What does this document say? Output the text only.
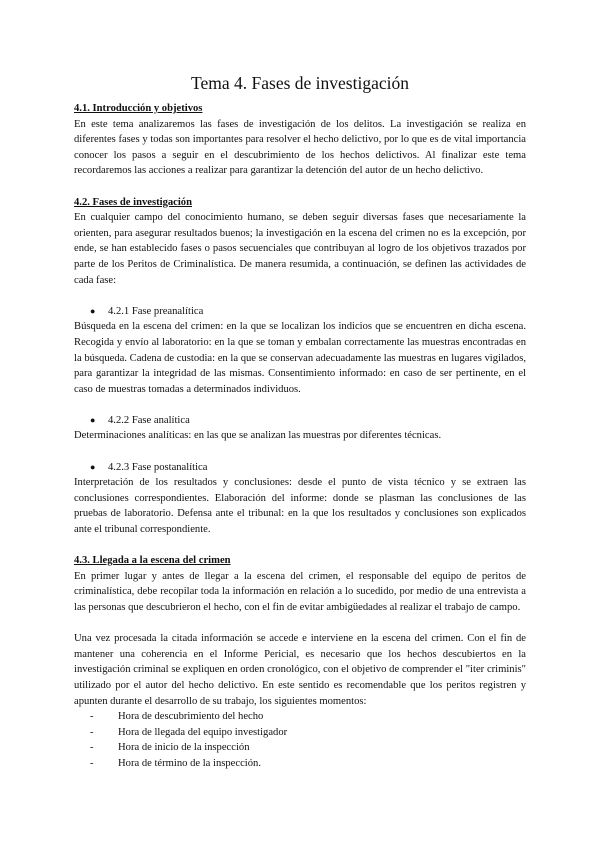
Tema 4. Fases de investigación
4.1. Introducción y objetivos

En este tema analizaremos las fases de investigación de los delitos. La investigación se realiza en diferentes fases y todas son importantes para resolver el hecho delictivo, por lo que es de vital importancia conocer los pasos a seguir en el descubrimiento de los hechos delictivos. Al finalizar este tema recordaremos las acciones a realizar para garantizar la detención del autor de un hecho delictivo.

4.2. Fases de investigación

En cualquier campo del conocimiento humano, se deben seguir diversas fases que necesariamente la orienten, para asegurar resultados buenos; la investigación en la escena del crimen no es la excepción, por ende, se han establecido fases o pasos secuenciales que contribuyan al logro de los objetivos trazados por parte de los Peritos de Criminalística. De manera resumida, a continuación, se definen las actividades de cada fase:

●	4.2.1 Fase preanalítica

Búsqueda en la escena del crimen: en la que se localizan los indicios que se encuentren en dicha escena. Recogida y envío al laboratorio: en la que se toman y embalan correctamente las muestras encontradas en la búsqueda. Cadena de custodia: en la que se conservan adecuadamente las muestras en lugares vigilados, para garantizar la integridad de las mismas. Consentimiento informado: en caso de ser pertinente, en el caso de muestras tomadas a determinados individuos.

●	4.2.2 Fase analítica

Determinaciones analíticas: en las que se analizan las muestras por diferentes técnicas.

●	4.2.3 Fase postanalítica

Interpretación de los resultados y conclusiones: desde el punto de vista técnico y se extraen las conclusiones correspondientes. Elaboración del informe: donde se plasman las conclusiones de las pruebas de laboratorio. Defensa ante el tribunal: en la que los resultados y conclusiones son explicados ante el tribunal correspondiente.

4.3. Llegada a la escena del crimen

En primer lugar y antes de llegar a la escena del crimen, el responsable del equipo de peritos de criminalística, debe recopilar toda la información en relación a lo sucedido, por medio de una entrevista a las personas que descubrieron el hecho, con el fin de evitar ambigüedades al realizar el trabajo de campo.

Una vez procesada la citada información se accede e interviene en la escena del crimen. Con el fin de mantener una coherencia en el Informe Pericial, es necesario que los hechos descubiertos en la investigación criminal se expliquen en orden cronológico, con el objetivo de comprender el "iter criminis" utilizado por el autor del hecho delictivo. En este sentido es recomendable que los peritos registren y apunten durante el desarrollo de su trabajo, los siguientes momentos:

-	Hora de descubrimiento del hecho
-	Hora de llegada del equipo investigador
-	Hora de inicio de la inspección
-	Hora de término de la inspección.
